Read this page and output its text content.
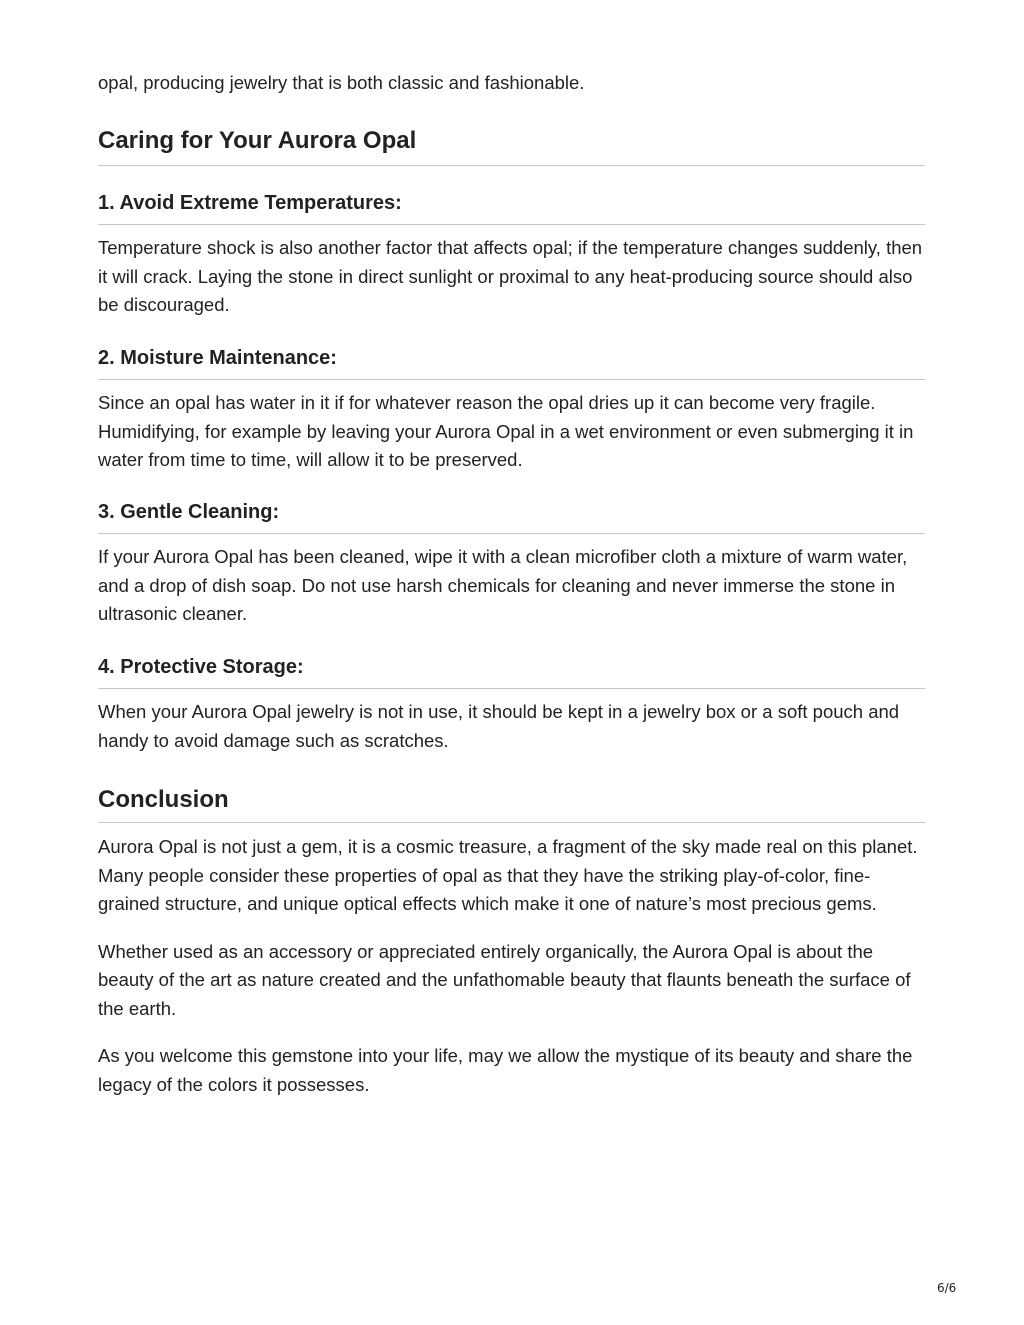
opal, producing jewelry that is both classic and fashionable.

Caring for Your Aurora Opal
1. Avoid Extreme Temperatures:

Temperature shock is also another factor that affects opal; if the temperature changes suddenly, then it will crack. Laying the stone in direct sunlight or proximal to any heat-producing source should also be discouraged.

2. Moisture Maintenance:

Since an opal has water in it if for whatever reason the opal dries up it can become very fragile. Humidifying, for example by leaving your Aurora Opal in a wet environment or even submerging it in water from time to time, will allow it to be preserved.

3. Gentle Cleaning:

If your Aurora Opal has been cleaned, wipe it with a clean microfiber cloth a mixture of warm water, and a drop of dish soap. Do not use harsh chemicals for cleaning and never immerse the stone in ultrasonic cleaner.

4. Protective Storage:

When your Aurora Opal jewelry is not in use, it should be kept in a jewelry box or a soft pouch and handy to avoid damage such as scratches.

Conclusion

Aurora Opal is not just a gem, it is a cosmic treasure, a fragment of the sky made real on this planet. Many people consider these properties of opal as that they have the striking play-of-color, fine-grained structure, and unique optical effects which make it one of nature’s most precious gems.

Whether used as an accessory or appreciated entirely organically, the Aurora Opal is about the beauty of the art as nature created and the unfathomable beauty that flaunts beneath the surface of the earth.

As you welcome this gemstone into your life, may we allow the mystique of its beauty and share the legacy of the colors it possesses.

6/6
